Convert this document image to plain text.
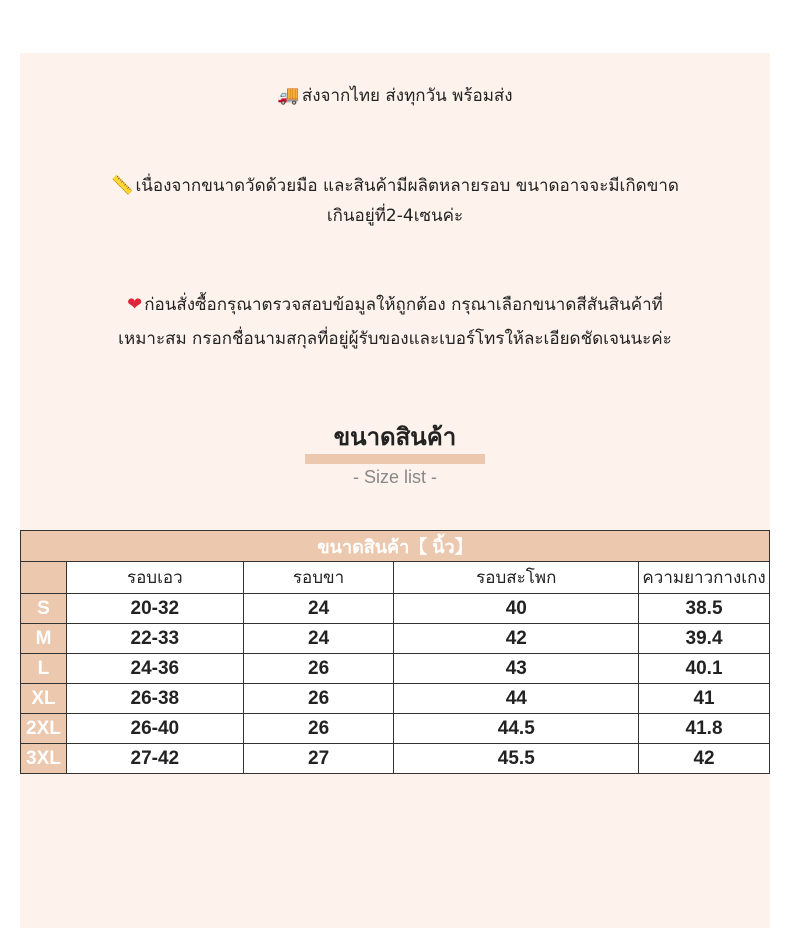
🚚 ส่งจากไทย ส่งทุกวัน พร้อมส่ง
📏 เนื่องจากขนาดวัดด้วยมือ และสินค้ามีผลิตหลายรอบ ขนาดอาจจะมีเกิดขาด
เกินอยู่ที่2-4เซนค่ะ
❤ ก่อนสั่งซื้อกรุณาตรวจสอบข้อมูลให้ถูกต้อง กรุณาเลือกขนาดสีสันสินค้าที่
เหมาะสม กรอกชื่อนามสกุลที่อยู่ผู้รับของและเบอร์โทรให้ละเอียดชัดเจนนะค่ะ
ขนาดสินค้า
- Size list -
ขนาดสินค้า【 นิ้ว】				
	รอบเอว	รอบขา	รอบสะโพก	ความยาวกางเกง
S	20-32	24	40	38.5
M	22-33	24	42	39.4
L	24-36	26	43	40.1
XL	26-38	26	44	41
2XL	26-40	26	44.5	41.8
3XL	27-42	27	45.5	42
